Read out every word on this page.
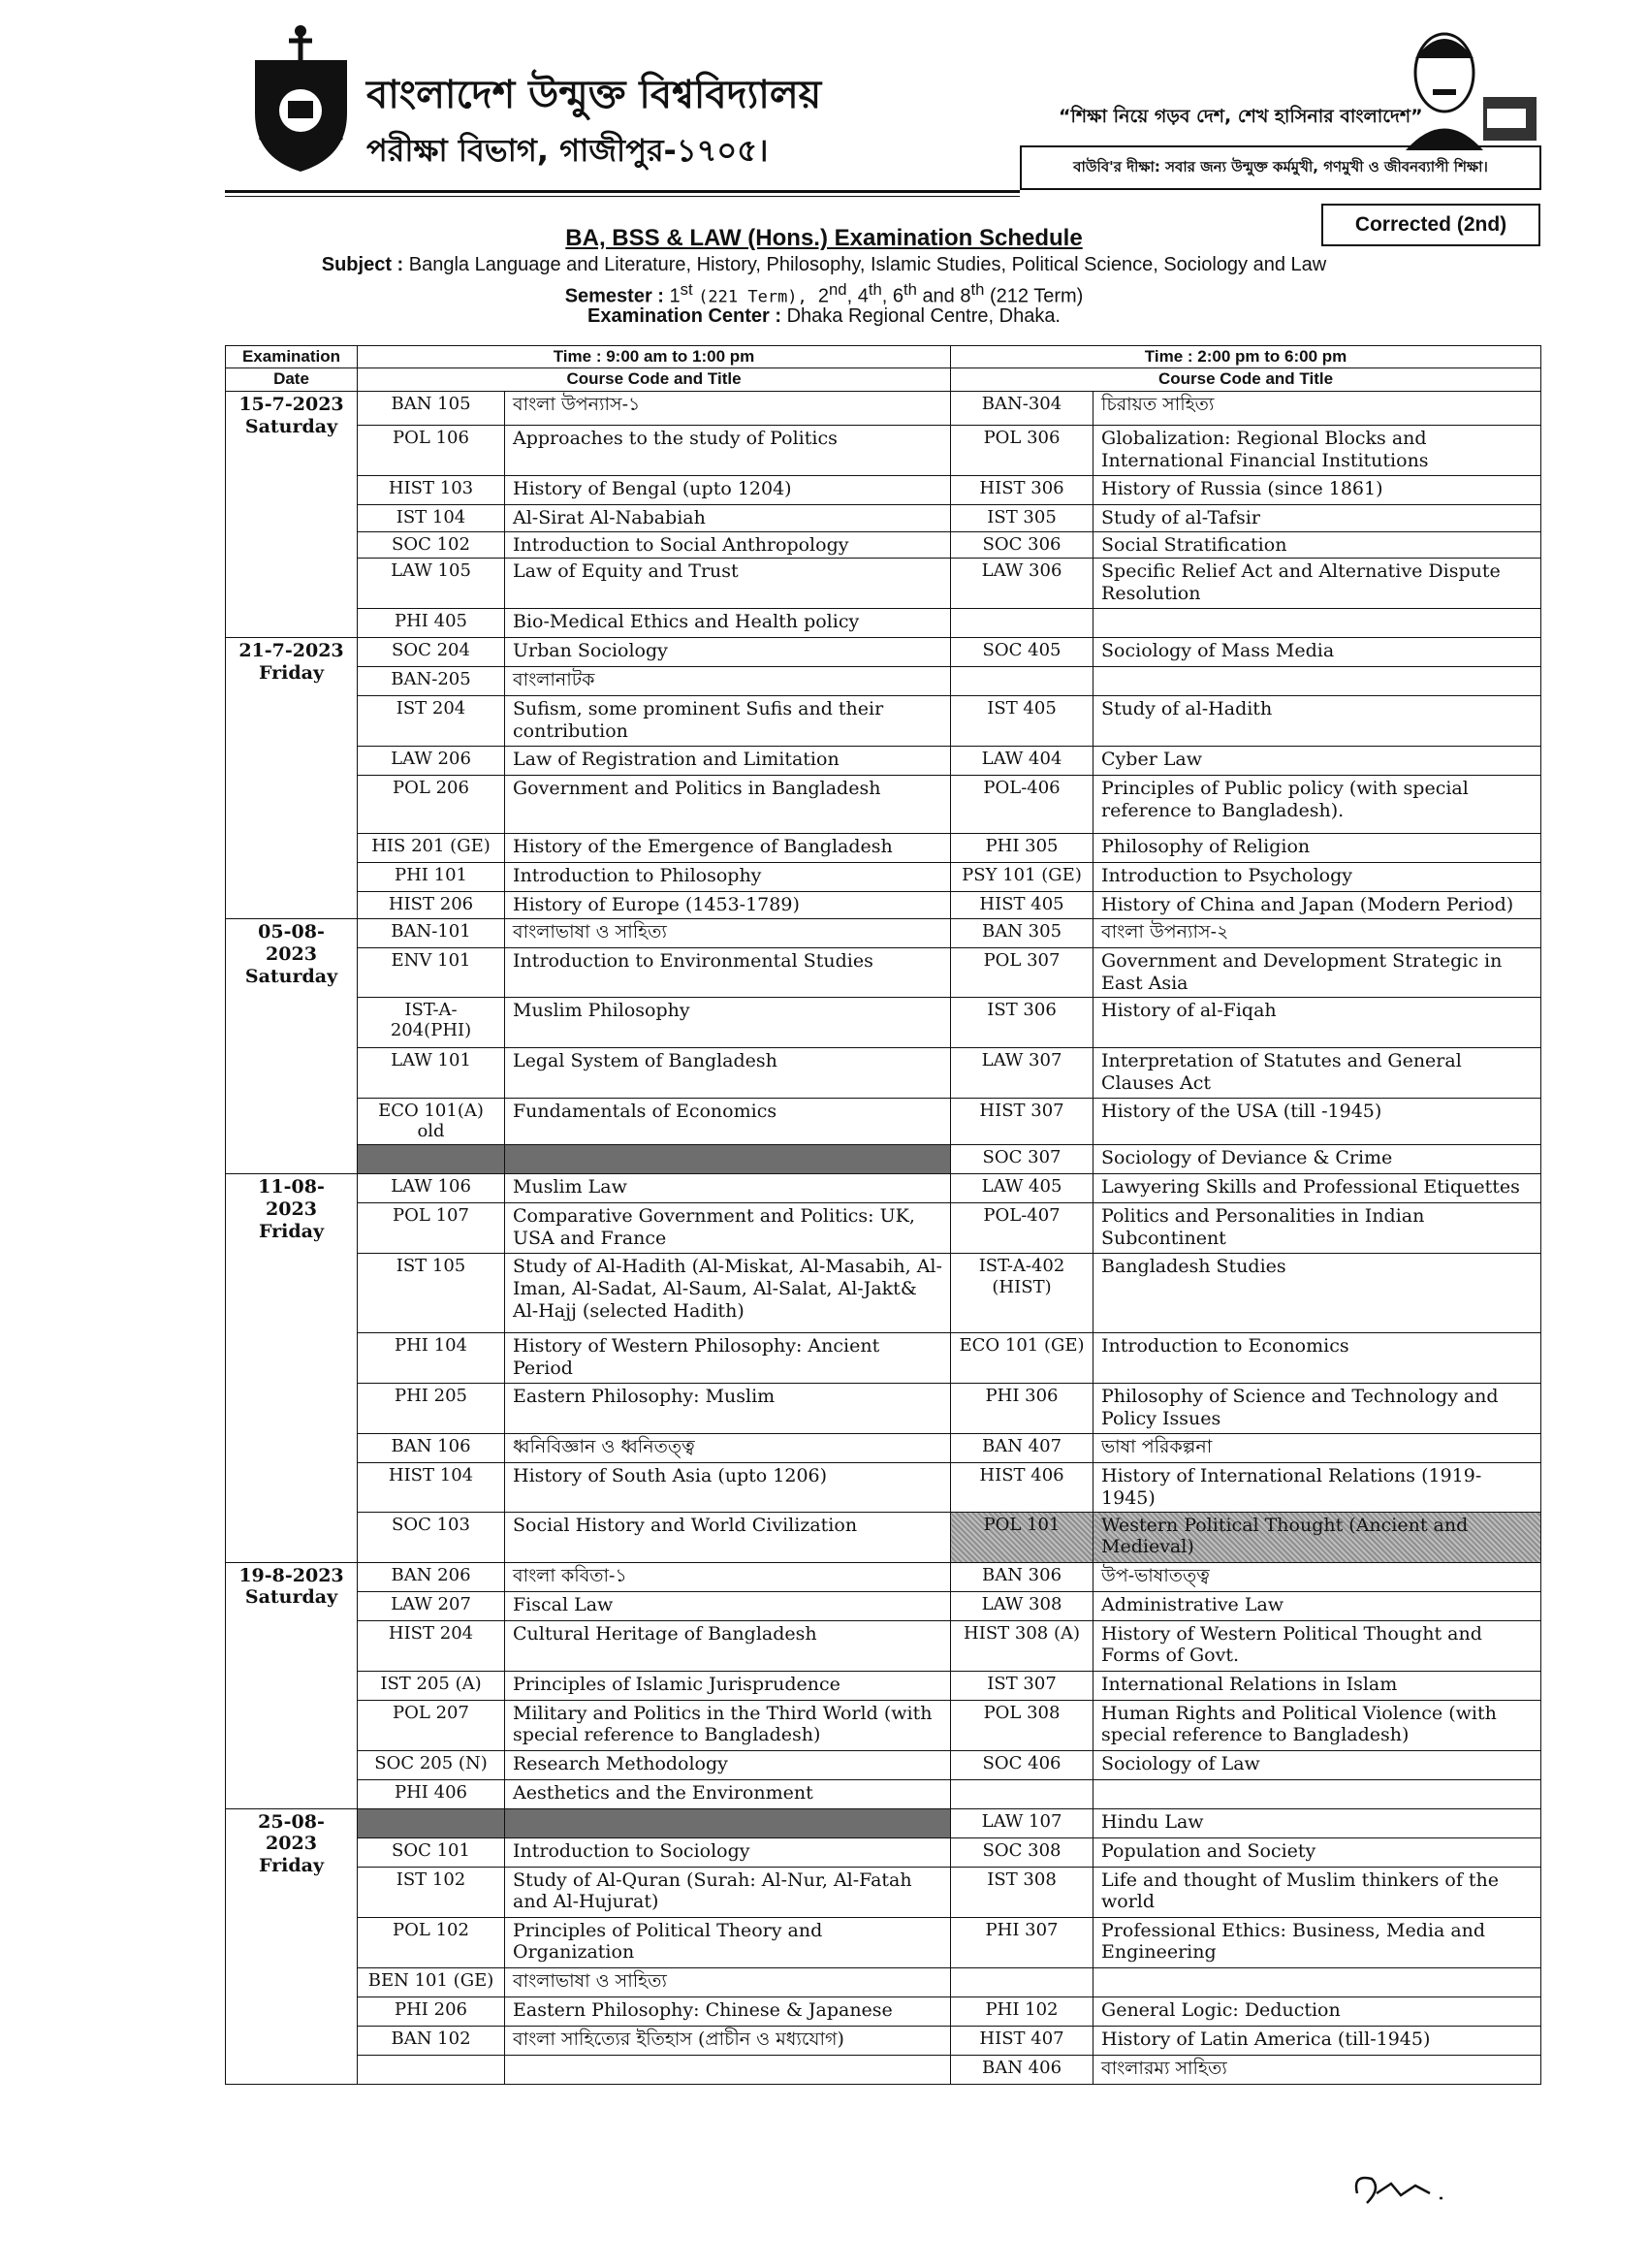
বাংলাদেশ উন্মুক্ত বিশ্ববিদ্যালয়
পরীক্ষা বিভাগ, গাজীপুর-১৭০৫।
“শিক্ষা নিয়ে গড়ব দেশ, শেখ হাসিনার বাংলাদেশ”
বাউবি'র দীক্ষা: সবার জন্য উন্মুক্ত কর্মমুখী, গণমুখী ও জীবনব্যাপী শিক্ষা।
Corrected (2nd)
BA, BSS & LAW (Hons.) Examination Schedule
Subject : Bangla Language and Literature, History, Philosophy, Islamic Studies, Political Science, Sociology and Law
Semester : 1st (221 Term), 2nd, 4th, 6th and 8th (212 Term)
Examination Center : Dhaka Regional Centre, Dhaka.
Examination	Time : 9:00 am to 1:00 pm		Time : 2:00 pm to 6:00 pm	
Date	Course Code and Title		Course Code and Title	

15-7-2023
Saturday	BAN 105	বাংলা উপন্যাস-১	BAN-304	চিরায়ত সাহিত্য
	POL 106	Approaches to the study of Politics	POL 306	Globalization: Regional Blocks and International Financial Institutions
	HIST 103	History of Bengal (upto 1204)	HIST 306	History of Russia (since 1861)
	IST 104	Al-Sirat Al-Nababiah	IST 305	Study of al-Tafsir
	SOC 102	Introduction to Social Anthropology	SOC 306	Social Stratification
	LAW 105	Law of Equity and Trust	LAW 306	Specific Relief Act and Alternative Dispute Resolution
	PHI 405	Bio-Medical Ethics and Health policy		

21-7-2023
Friday	SOC 204	Urban Sociology	SOC 405	Sociology of Mass Media
	BAN-205	বাংলানাটক		
	IST 204	Sufism, some prominent Sufis and their contribution	IST 405	Study of al-Hadith
	LAW 206	Law of Registration and Limitation	LAW 404	Cyber Law
	POL 206	Government and Politics in Bangladesh	POL-406	Principles of Public policy (with special reference to Bangladesh).
	HIS 201 (GE)	History of the Emergence of Bangladesh	PHI 305	Philosophy of Religion
	PHI 101	Introduction to Philosophy	PSY 101 (GE)	Introduction to Psychology
	HIST 206	History of Europe (1453-1789)	HIST 405	History of China and Japan (Modern Period)

05-08-2023
Saturday	BAN-101	বাংলাভাষা ও সাহিত্য	BAN 305	বাংলা উপন্যাস-২
	ENV 101	Introduction to Environmental Studies	POL 307	Government and Development Strategic in East Asia
	IST-A-204(PHI)	Muslim Philosophy	IST 306	History of al-Fiqah
	LAW 101	Legal System of Bangladesh	LAW 307	Interpretation of Statutes and General Clauses Act
	ECO 101(A) old	Fundamentals of Economics	HIST 307	History of the USA (till -1945)
			SOC 307	Sociology of Deviance & Crime

11-08-2023
Friday	LAW 106	Muslim Law	LAW 405	Lawyering Skills and Professional Etiquettes
	POL 107	Comparative Government and Politics: UK, USA and France	POL-407	Politics and Personalities in Indian Subcontinent
	IST 105	Study of Al-Hadith (Al-Miskat, Al-Masabih, Al-Iman, Al-Sadat, Al-Saum, Al-Salat, Al-Jakt& Al-Hajj (selected Hadith)	IST-A-402 (HIST)	Bangladesh Studies
	PHI 104	History of Western Philosophy: Ancient Period	ECO 101 (GE)	Introduction to Economics
	PHI 205	Eastern Philosophy: Muslim	PHI 306	Philosophy of Science and Technology and Policy Issues
	BAN 106	ধ্বনিবিজ্ঞান ও ধ্বনিতত্ত্ব	BAN 407	ভাষা পরিকল্পনা
	HIST 104	History of South Asia (upto 1206)	HIST 406	History of International Relations (1919-1945)
	SOC 103	Social History and World Civilization	POL 101	Western Political Thought (Ancient and Medieval)

19-8-2023
Saturday	BAN 206	বাংলা কবিতা-১	BAN 306	উপ-ভাষাতত্ত্ব
	LAW 207	Fiscal Law	LAW 308	Administrative Law
	HIST 204	Cultural Heritage of Bangladesh	HIST 308 (A)	History of Western Political Thought and Forms of Govt.
	IST 205 (A)	Principles of Islamic Jurisprudence	IST 307	International Relations in Islam
	POL 207	Military and Politics in the Third World (with special reference to Bangladesh)	POL 308	Human Rights and Political Violence (with special reference to Bangladesh)
	SOC 205 (N)	Research Methodology	SOC 406	Sociology of Law
	PHI 406	Aesthetics and the Environment		

25-08-2023
Friday			LAW 107	Hindu Law
	SOC 101	Introduction to Sociology	SOC 308	Population and Society
	IST 102	Study of Al-Quran (Surah: Al-Nur, Al-Fatah and Al-Hujurat)	IST 308	Life and thought of Muslim thinkers of the world
	POL 102	Principles of Political Theory and Organization	PHI 307	Professional Ethics: Business, Media and Engineering
	BEN 101 (GE)	বাংলাভাষা ও সাহিত্য		
	PHI 206	Eastern Philosophy: Chinese & Japanese	PHI 102	General Logic: Deduction
	BAN 102	বাংলা সাহিত্যের ইতিহাস (প্রাচীন ও মধ্যযোগ)	HIST 407	History of Latin America (till-1945)
			BAN 406	বাংলারম্য সাহিত্য
